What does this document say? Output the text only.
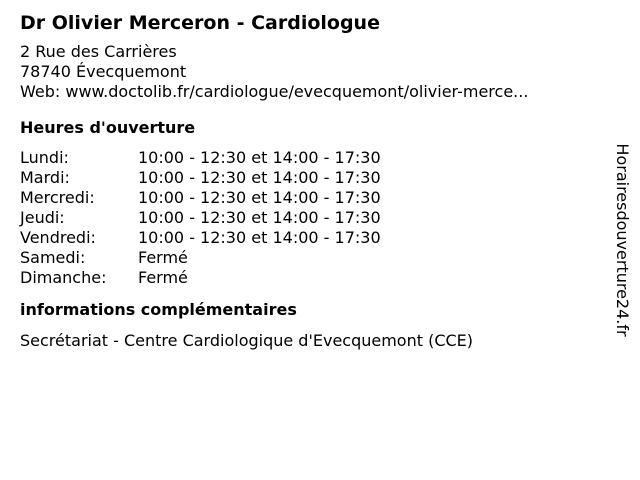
Dr Olivier Merceron - Cardiologue
2 Rue des Carrières
78740 Évecquemont
Web: www.doctolib.fr/cardiologue/evecquemont/olivier-merce...
Heures d'ouverture
Lundi:	10:00 - 12:30 et 14:00 - 17:30
Mardi:	10:00 - 12:30 et 14:00 - 17:30
Mercredi:	10:00 - 12:30 et 14:00 - 17:30
Jeudi:	10:00 - 12:30 et 14:00 - 17:30
Vendredi:	10:00 - 12:30 et 14:00 - 17:30
Samedi:	Fermé
Dimanche:	Fermé
informations complémentaires
Secrétariat - Centre Cardiologique d'Evecquemont (CCE)
Horairesdouverture24.fr
